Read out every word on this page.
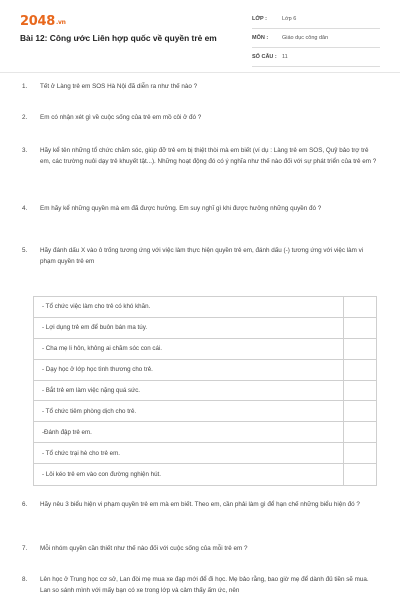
2048.vn
Bài 12: Công ước Liên hợp quốc về quyền trẻ em
LỚP :	Lớp 6
MÔN :	Giáo dục công dân
SỐ CÂU : 11
1.	Tết ở Làng trẻ em SOS Hà Nội đã diễn ra như thế nào ?
2.	Em có nhận xét gì về cuộc sống của trẻ em mồ côi ở đó ?
3.	Hãy kể tên những tổ chức chăm sóc, giúp đỡ trẻ em bị thiệt thòi mà em biết (ví dụ : Làng trẻ em SOS, Quỹ bảo trợ trẻ em, các trường nuôi dạy trẻ khuyết tật...). Những hoạt động đó có ý nghĩa như thế nào đối với sự phát triển của trẻ em ?
4.	Em hãy kể những quyền mà em đã được hưởng. Em suy nghĩ gì khi được hưởng những quyền đó ?
5.	Hãy đánh dấu X vào ô trống tương ứng với việc làm thực hiện quyền trẻ em, đánh dấu (-) tương ứng với việc làm vi phạm quyền trẻ em
- Tổ chức việc làm cho trẻ có khó khăn.
- Lợi dụng trẻ em để buôn bán ma túy.
- Cha mẹ li hôn, không ai chăm sóc con cái.
- Dạy học ở lớp học tình thương cho trẻ.
- Bắt trẻ em làm việc nặng quá sức.
- Tổ chức tiêm phòng dịch cho trẻ.
-Đánh đập trẻ em.
- Tổ chức trại hè cho trẻ em.
- Lôi kéo trẻ em vào con đường nghiện hút.
6.	Hãy nêu 3 biểu hiện vi phạm quyền trẻ em mà em biết. Theo em, cần phải làm gì để hạn chế những biểu hiện đó ?
7.	Mỗi nhóm quyền cần thiết như thế nào đối với cuộc sống của mỗi trẻ em ?
8.	Lên học ở Trung học cơ sở, Lan đòi mẹ mua xe đạp mới để đi học. Mẹ bảo rằng, bao giờ mẹ để dành đủ tiền sẽ mua. Lan so sánh mình với mấy bạn có xe trong lớp và cảm thấy ấm ức, nên
